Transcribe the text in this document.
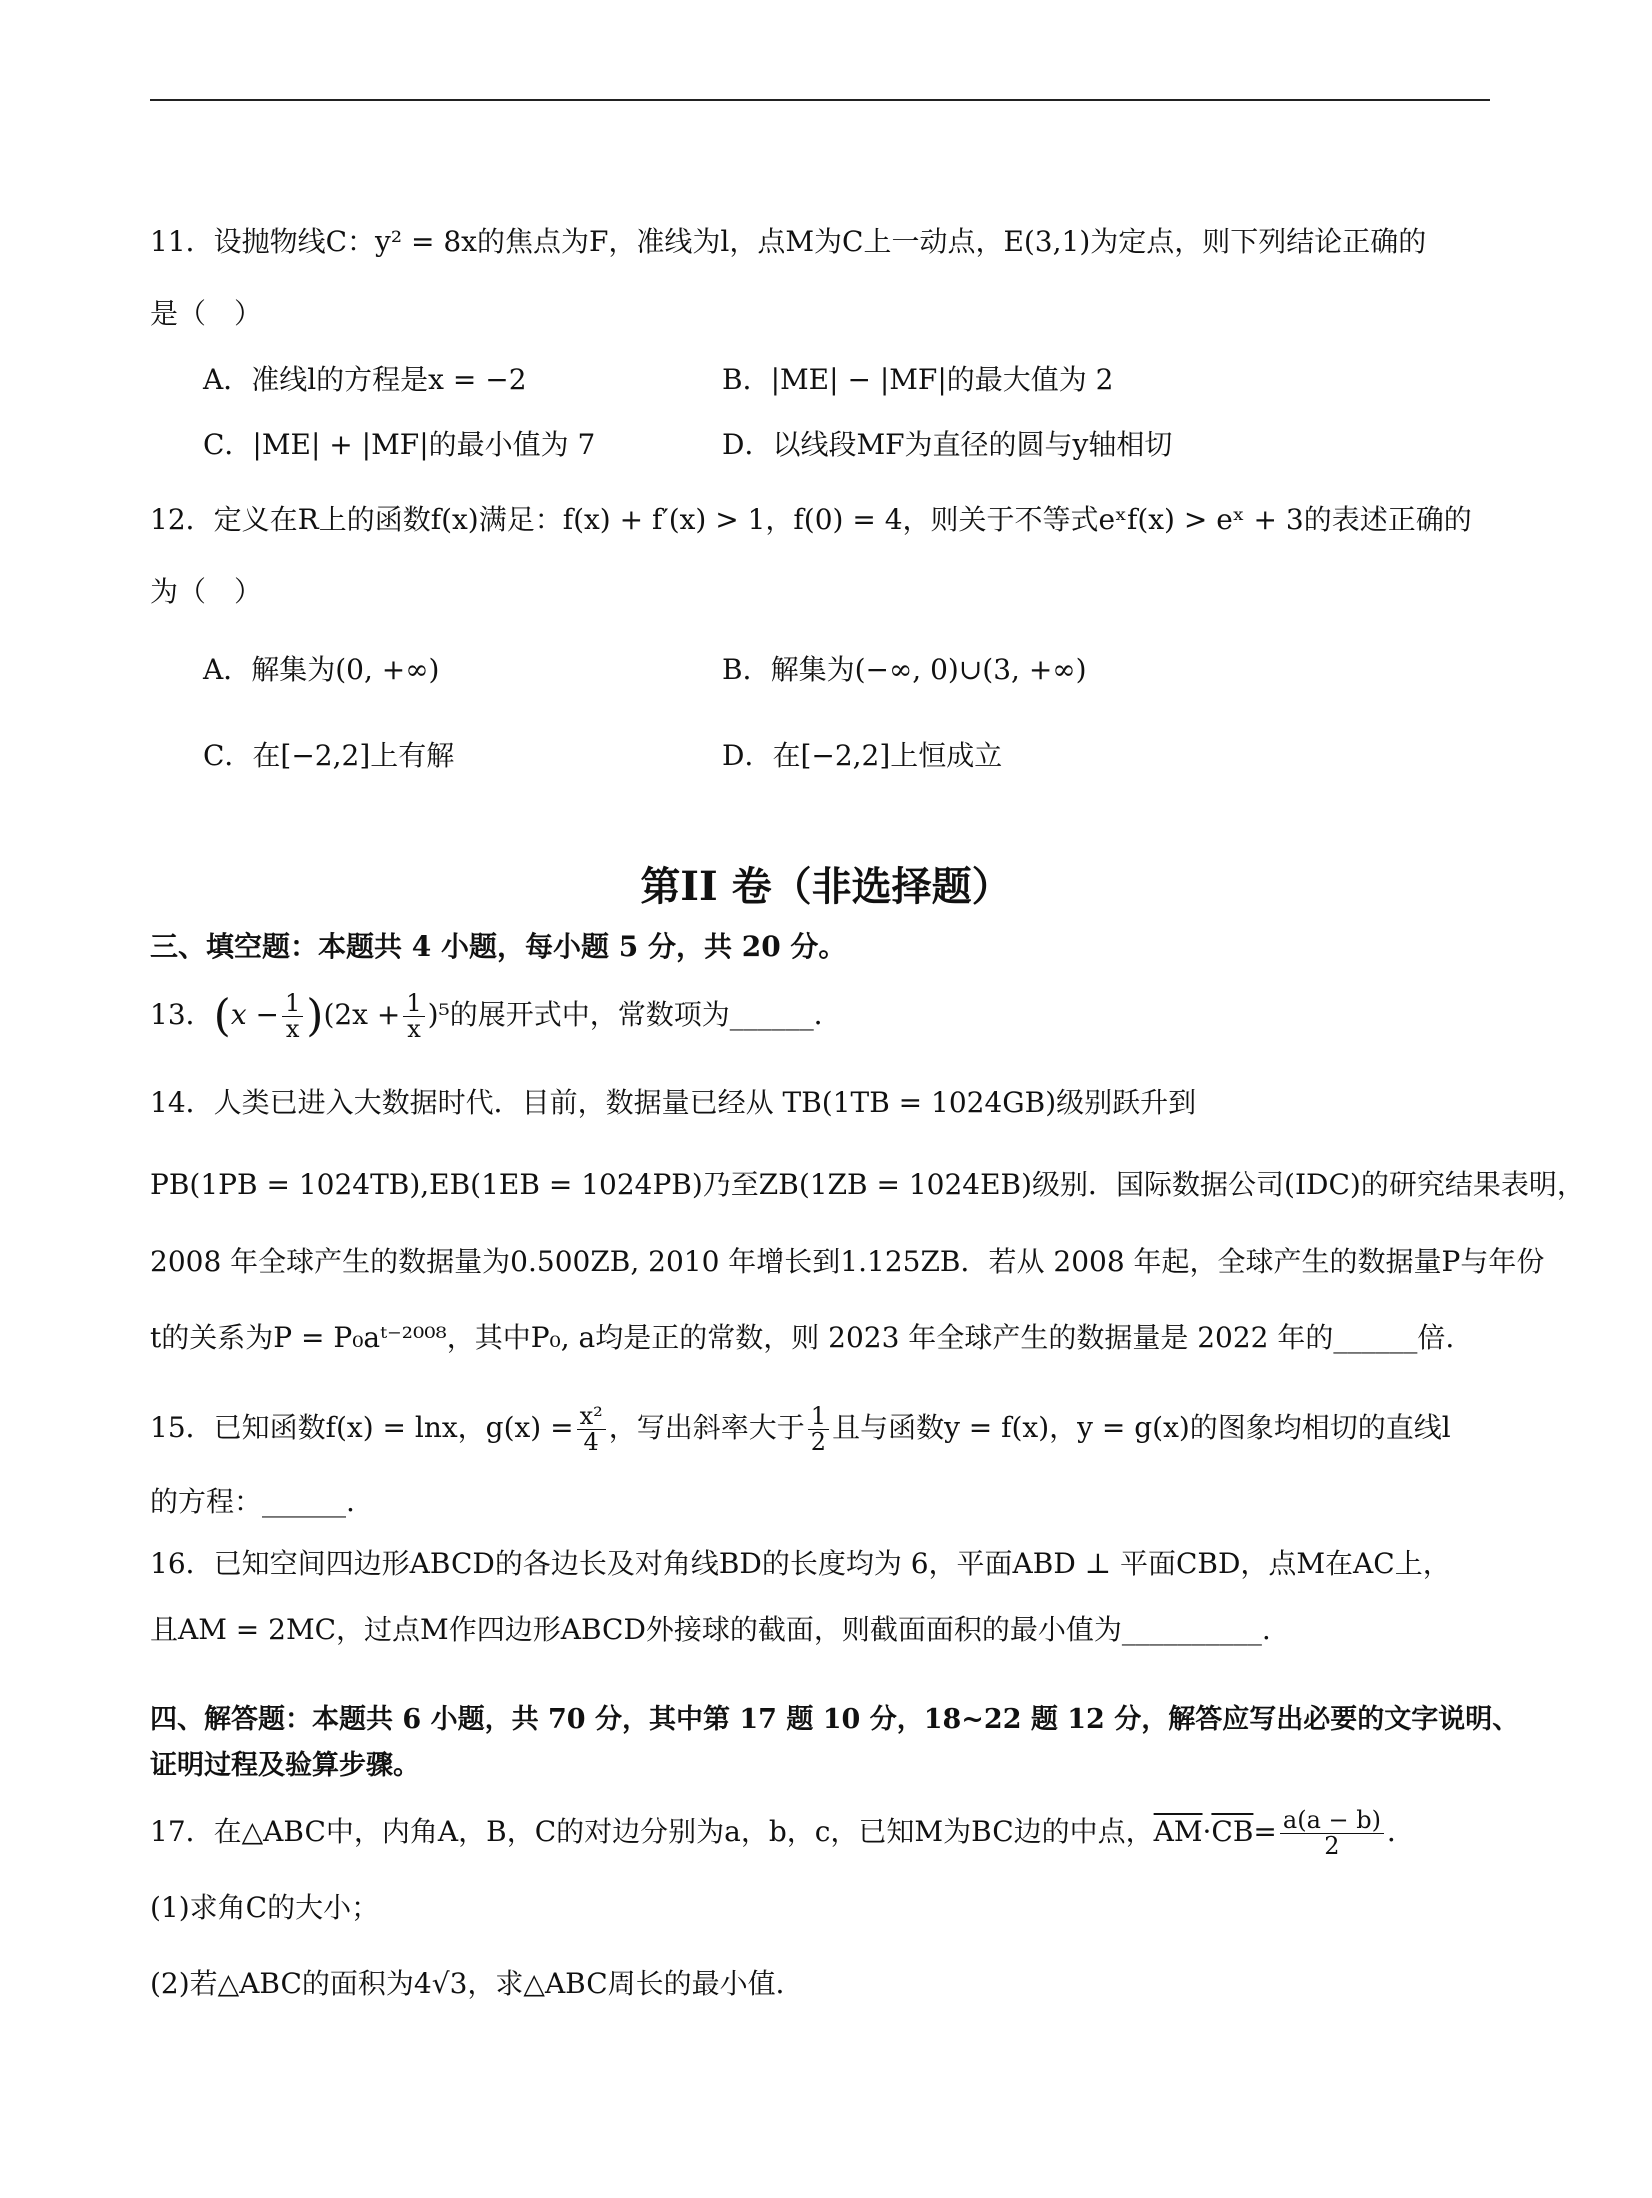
11．设抛物线C：y² = 8x的焦点为F，准线为l，点M为C上一动点，E(3,1)为定点，则下列结论正确的
是（　）
A．准线l的方程是x = −2	B．|ME| − |MF|的最大值为 2
C．|ME| + |MF|的最小值为 7	D．以线段MF为直径的圆与y轴相切
12．定义在R上的函数f(x)满足：f(x) + f′(x) > 1，f(0) = 4，则关于不等式eˣf(x) > eˣ + 3的表述正确的
为（　）
A．解集为(0, +∞)	B．解集为(−∞, 0)∪(3, +∞)
C．在[−2,2]上有解	D．在[−2,2]上恒成立
第II 卷（非选择题）
三、填空题：本题共 4 小题，每小题 5 分，共 20 分。
13．$(x - \frac{1}{x} )(2x + \frac{1}{x} )^5$的展开式中，常数项为______．
14．人类已进入大数据时代．目前，数据量已经从 TB(1TB = 1024GB)级别跃升到
PB(1PB = 1024TB),EB(1EB = 1024PB)乃至ZB(1ZB = 1024EB)级别．国际数据公司(IDC)的研究结果表明，
2008 年全球产生的数据量为0.500ZB, 2010 年增长到1.125ZB．若从 2008 年起，全球产生的数据量P与年份
t的关系为P = P₀aᵗ⁻²⁰⁰⁸，其中P₀, a均是正的常数，则 2023 年全球产生的数据量是 2022 年的______倍.
15．已知函数f(x) = lnx，$g(x) = \frac{\text{x²}}{4}$ ，写出斜率大于 $\frac{1}{2}$ 且与函数y = f(x)，y = g(x)的图象均相切的直线l
的方程：______.
16．已知空间四边形ABCD的各边长及对角线BD的长度均为 6，平面ABD ⊥ 平面CBD，点M在AC上，
且AM = 2MC，过点M作四边形ABCD外接球的截面，则截面面积的最小值为__________.
四、解答题：本题共 6 小题，共 70 分，其中第 17 题 10 分，18~22 题 12 分，解答应写出必要的文字说明、
证明过程及验算步骤。
17．在△ABC中，内角A，B，C的对边分别为a，b，c，已知M为BC边的中点，$\overline{AM}\cdot\overline{CB}= \frac{a(a - b)}{2}$ ．
(1)求角C的大小；
(2)若△ABC的面积为4√3，求△ABC周长的最小值．
